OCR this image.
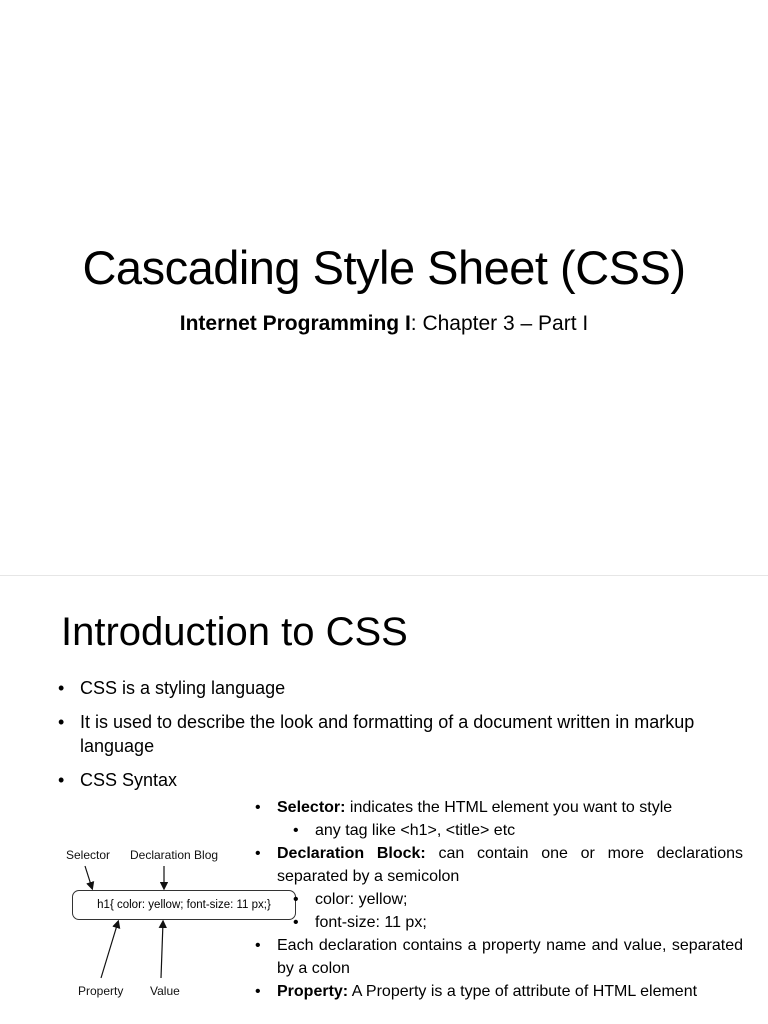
Cascading Style Sheet (CSS)
Internet Programming I: Chapter 3 – Part I
Introduction to CSS
• CSS is a styling language
• It is used to describe the look and formatting of a document written in markup language
• CSS Syntax
Selector Declaration Blog
h1{ color: yellow; font-size: 11 px;}
Property Value
• Selector: indicates the HTML element you want to style
• any tag like <h1>, <title> etc
• Declaration Block: can contain one or more declarations separated by a semicolon
• color: yellow;
• font-size: 11 px;
• Each declaration contains a property name and value, separated by a colon
• Property: A Property is a type of attribute of HTML element
